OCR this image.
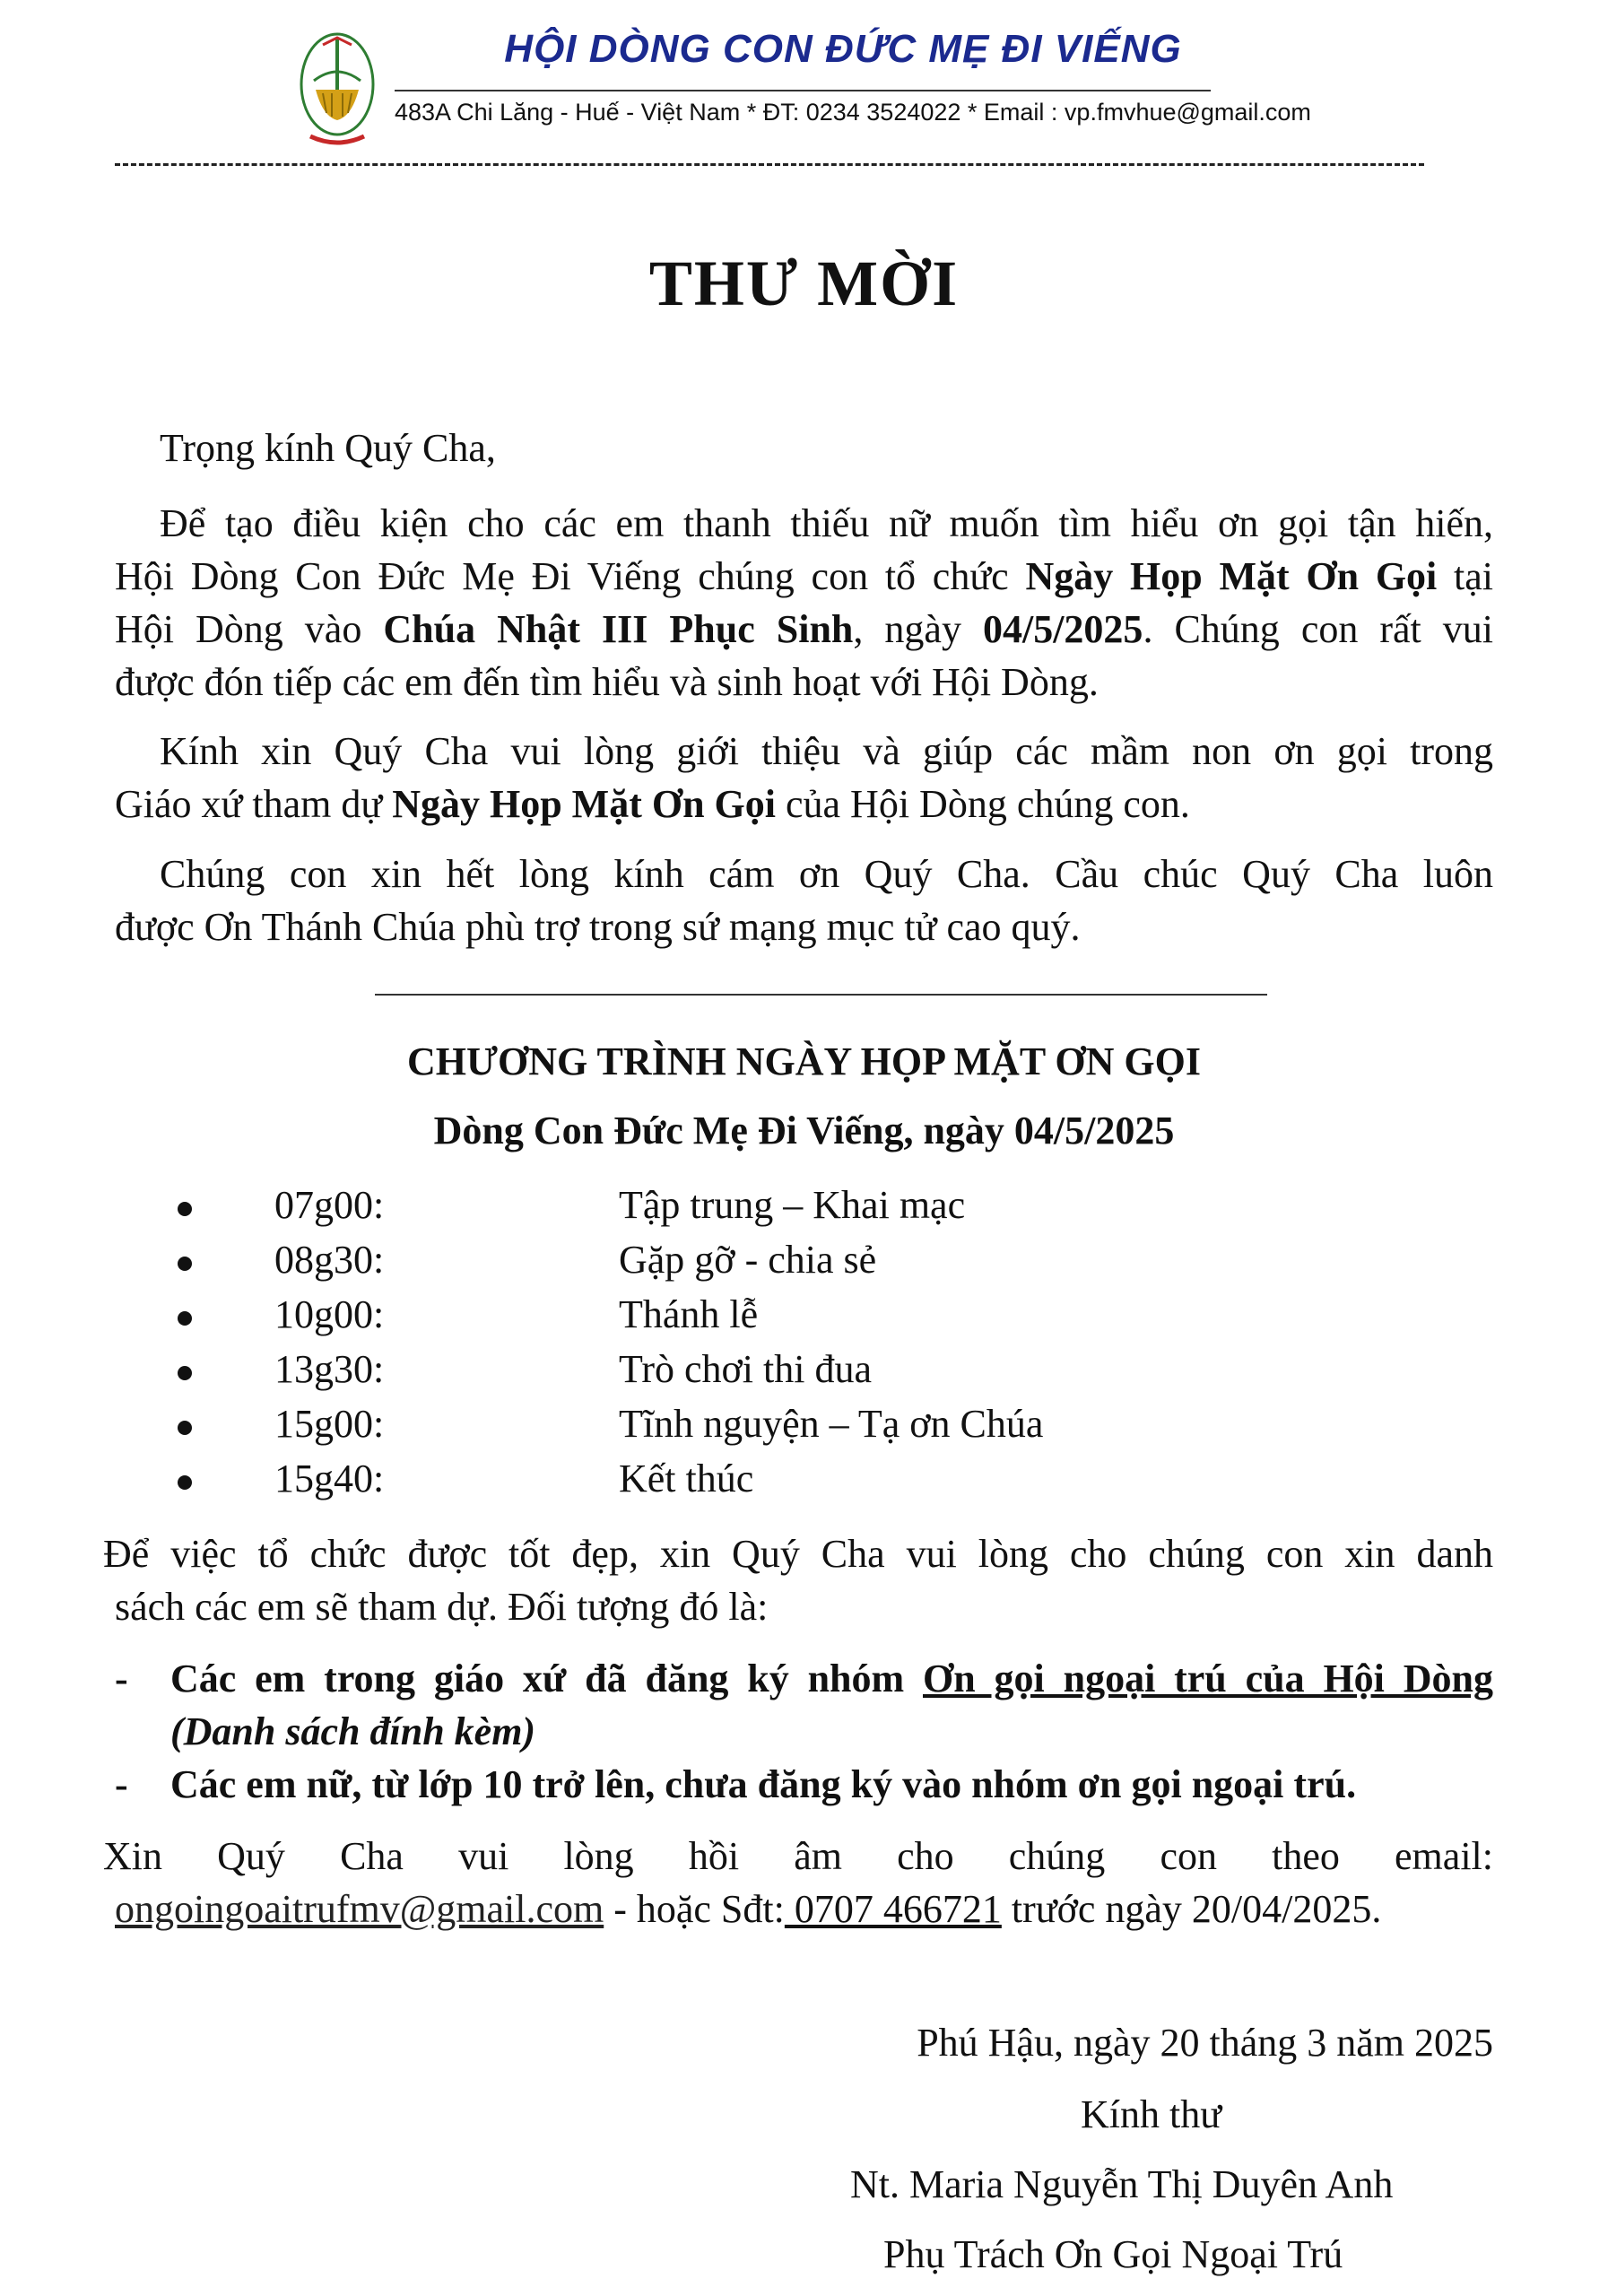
HỘI DÒNG CON ĐỨC MẸ ĐI VIẾNG
483A Chi Lăng - Huế - Việt Nam * ĐT: 0234 3524022 * Email : vp.fmvhue@gmail.com
THƯ MỜI
Trọng kính Quý Cha,
Để tạo điều kiện cho các em thanh thiếu nữ muốn tìm hiểu ơn gọi tận hiến,
Hội Dòng Con Đức Mẹ Đi Viếng chúng con tổ chức Ngày Họp Mặt Ơn Gọi tại
Hội Dòng vào Chúa Nhật III Phục Sinh, ngày 04/5/2025. Chúng con rất vui
được đón tiếp các em đến tìm hiểu và sinh hoạt với Hội Dòng.
Kính xin Quý Cha vui lòng giới thiệu và giúp các mầm non ơn gọi trong
Giáo xứ tham dự Ngày Họp Mặt Ơn Gọi của Hội Dòng chúng con.
Chúng con xin hết lòng kính cám ơn Quý Cha. Cầu chúc Quý Cha luôn
được Ơn Thánh Chúa phù trợ trong sứ mạng mục tử cao quý.
CHƯƠNG TRÌNH NGÀY HỌP MẶT ƠN GỌI
Dòng Con Đức Mẹ Đi Viếng, ngày 04/5/2025
07g00:	Tập trung – Khai mạc
08g30:	Gặp gỡ - chia sẻ
10g00:	Thánh lễ
13g30:	Trò chơi thi đua
15g00:	Tĩnh nguyện – Tạ ơn Chúa
15g40:	Kết thúc
Để việc tổ chức được tốt đẹp, xin Quý Cha vui lòng cho chúng con xin danh
sách các em sẽ tham dự. Đối tượng đó là:
- Các em trong giáo xứ đã đăng ký nhóm Ơn gọi ngoại trú của Hội Dòng
(Danh sách đính kèm)
- Các em nữ, từ lớp 10 trở lên, chưa đăng ký vào nhóm ơn gọi ngoại trú.
Xin Quý Cha vui lòng hồi âm cho chúng con theo email:
ongoingoaitrufmv@gmail.com - hoặc Sđt: 0707 466721 trước ngày 20/04/2025.
Phú Hậu, ngày 20 tháng 3 năm 2025
Kính thư
Nt. Maria Nguyễn Thị Duyên Anh
Phụ Trách Ơn Gọi Ngoại Trú
